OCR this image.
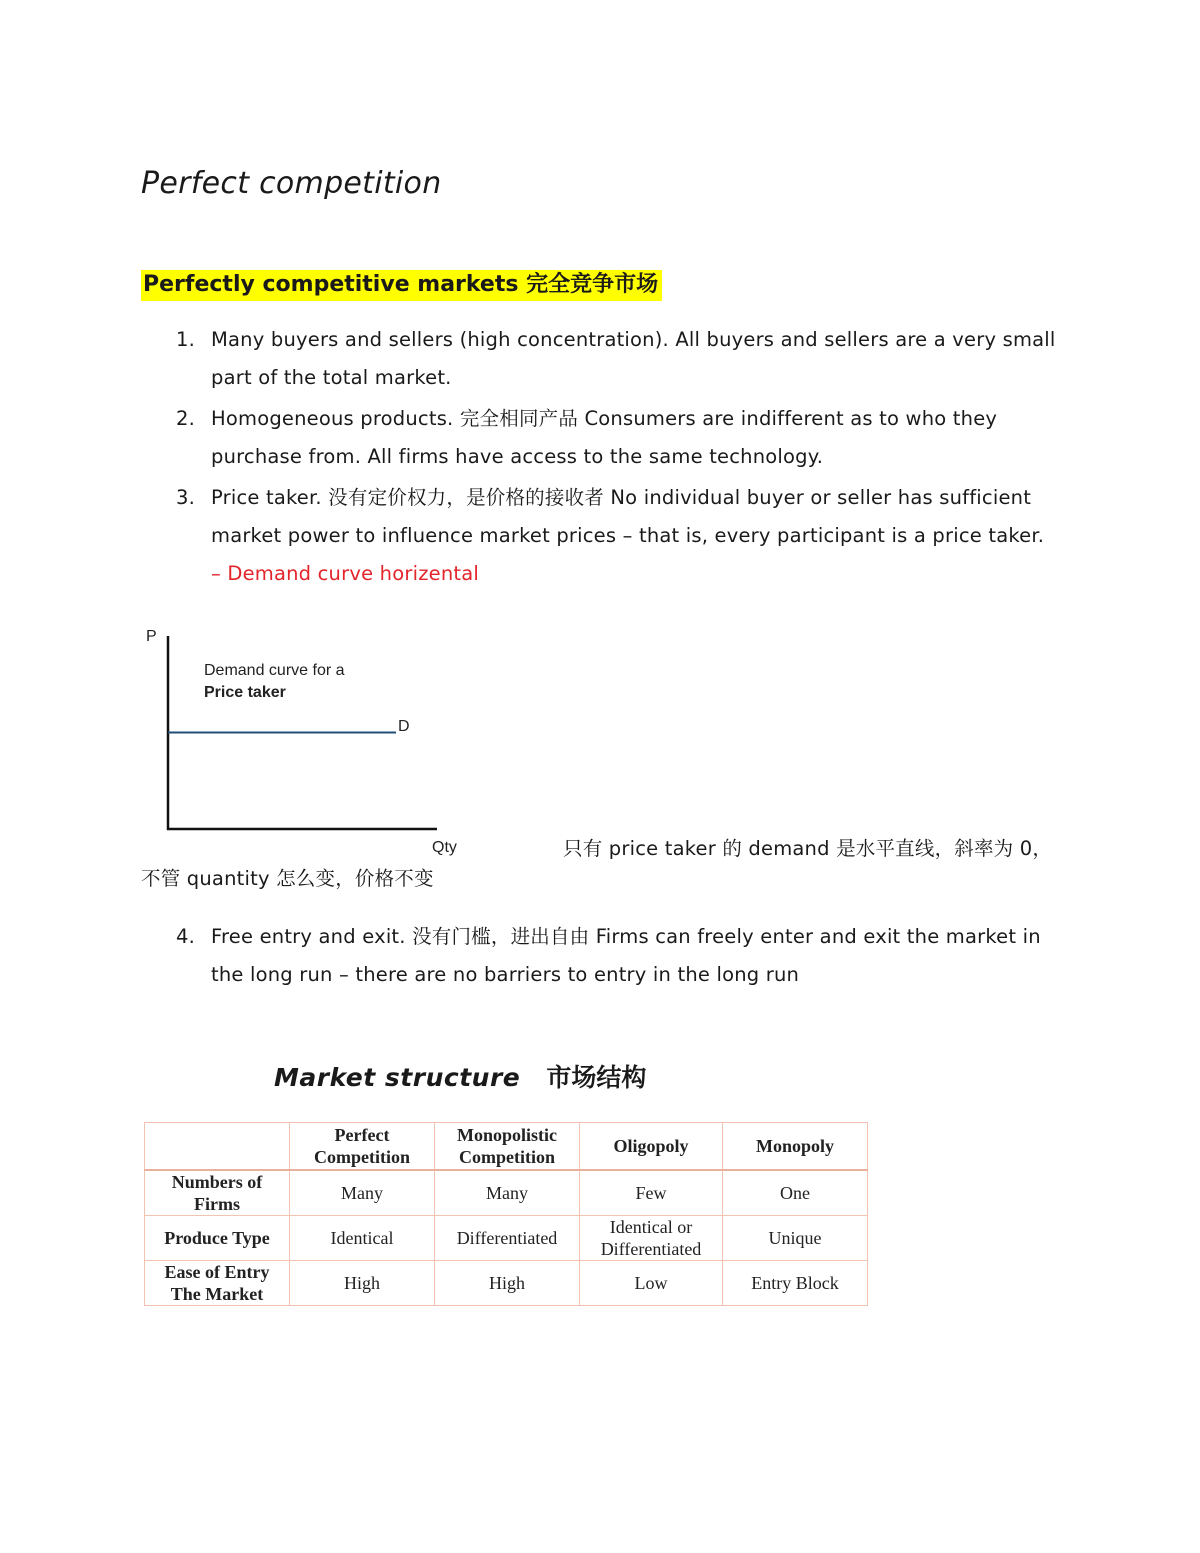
Perfect competition
Perfectly competitive markets 完全竞争市场
1. Many buyers and sellers (high concentration). All buyers and sellers are a very small part of the total market.
2. Homogeneous products. 完全相同产品 Consumers are indifferent as to who they purchase from. All firms have access to the same technology.
3. Price taker. 没有定价权力，是价格的接收者 No individual buyer or seller has sufficient market power to influence market prices – that is, every participant is a price taker. – Demand curve horizental
P
Qty
D
Demand curve for a
Price taker

只有 price taker 的 demand 是水平直线，斜率为 0，不管 quantity 怎么变，价格不变

4. Free entry and exit. 没有门槛，进出自由 Firms can freely enter and exit the market in the long run – there are no barriers to entry in the long run
Market structure 市场结构
	Perfect Competition	Monopolistic Competition	Oligopoly	Monopoly
Numbers of Firms	Many	Many	Few	One
Produce Type	Identical	Differentiated	Identical or Differentiated	Unique
Ease of Entry The Market	High	High	Low	Entry Block
